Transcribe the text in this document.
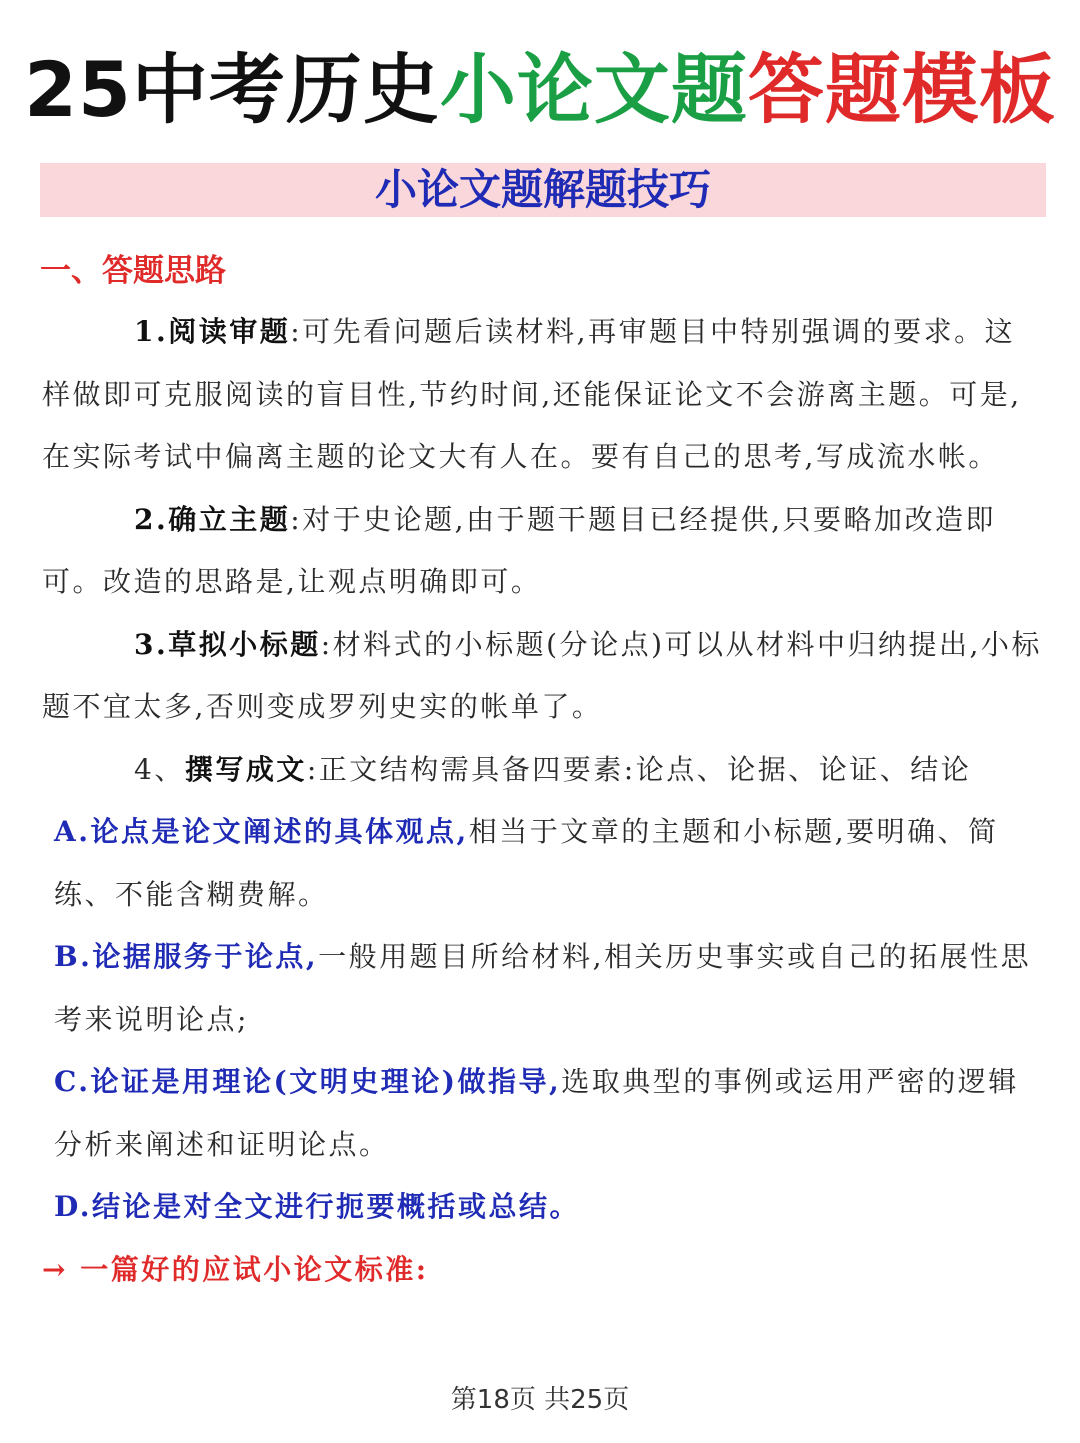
25中考历史小论文题答题模板
小论文题解题技巧
一、答题思路

1.阅读审题:可先看问题后读材料,再审题目中特别强调的要求。这样做即可克服阅读的盲目性,节约时间,还能保证论文不会游离主题。可是,在实际考试中偏离主题的论文大有人在。要有自己的思考,写成流水帐。

2.确立主题:对于史论题,由于题干题目已经提供,只要略加改造即可。改造的思路是,让观点明确即可。

3.草拟小标题:材料式的小标题(分论点)可以从材料中归纳提出,小标题不宜太多,否则变成罗列史实的帐单了。

4、撰写成文:正文结构需具备四要素:论点、论据、论证、结论

A.论点是论文阐述的具体观点,相当于文章的主题和小标题,要明确、简练、不能含糊费解。

B.论据服务于论点,一般用题目所给材料,相关历史事实或自己的拓展性思考来说明论点;

C.论证是用理论(文明史理论)做指导,选取典型的事例或运用严密的逻辑分析来阐述和证明论点。

D.结论是对全文进行扼要概括或总结。

→ 一篇好的应试小论文标准:

第18页 共25页
